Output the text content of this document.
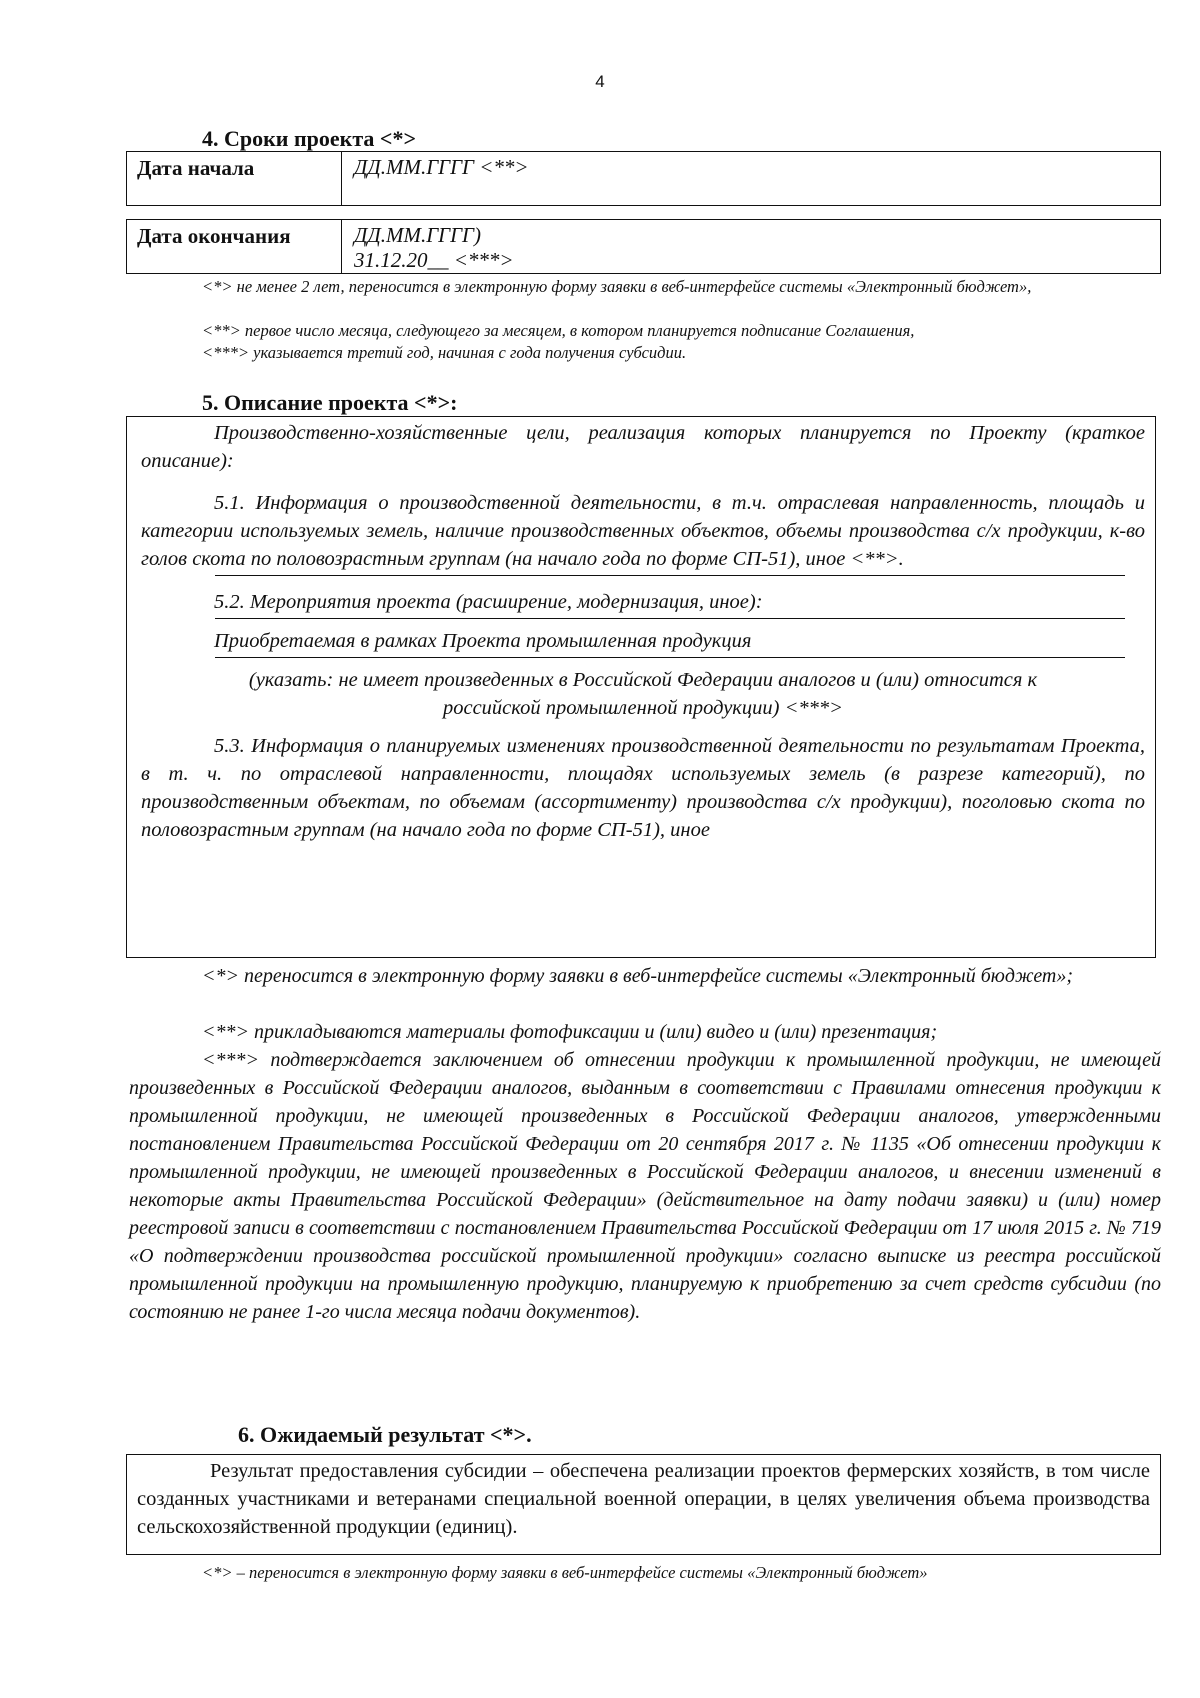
4
4. Сроки проекта <*>
Дата начала	ДД.ММ.ГГГГ <**>
Дата окончания	ДД.ММ.ГГГГ)
31.12.20__ <***>
<*> не менее 2 лет, переносится в электронную форму заявки в веб-интерфейсе системы «Электронный бюджет»,
<**> первое число месяца, следующего за месяцем, в котором планируется подписание Соглашения,
<***> указывается третий год, начиная с года получения субсидии.
5. Описание проекта <*>:
Производственно-хозяйственные цели, реализация которых планируется по Проекту (краткое описание):
5.1. Информация о производственной деятельности, в т.ч. отраслевая направленность, площадь и категории используемых земель, наличие производственных объектов, объемы производства с/х продукции, к-во голов скота по половозрастным группам (на начало года по форме СП-51), иное <**>.
5.2. Мероприятия проекта (расширение, модернизация, иное):
Приобретаемая в рамках Проекта промышленная продукция
(указать: не имеет произведенных в Российской Федерации аналогов и (или) относится к российской промышленной продукции) <***>
5.3. Информация о планируемых изменениях производственной деятельности по результатам Проекта, в т. ч. по отраслевой направленности, площадях используемых земель (в разрезе категорий), по производственным объектам, по объемам (ассортименту) производства с/х продукции), поголовью скота по половозрастным группам (на начало года по форме СП-51), иное
<*> переносится в электронную форму заявки в веб-интерфейсе системы «Электронный бюджет»;
<**> прикладываются материалы фотофиксации и (или) видео и (или) презентация;
<***> подтверждается заключением об отнесении продукции к промышленной продукции, не имеющей произведенных в Российской Федерации аналогов, выданным в соответствии с Правилами отнесения продукции к промышленной продукции, не имеющей произведенных в Российской Федерации аналогов, утвержденными постановлением Правительства Российской Федерации от 20 сентября 2017 г. № 1135 «Об отнесении продукции к промышленной продукции, не имеющей произведенных в Российской Федерации аналогов, и внесении изменений в некоторые акты Правительства Российской Федерации» (действительное на дату подачи заявки) и (или) номер реестровой записи в соответствии с постановлением Правительства Российской Федерации от 17 июля 2015 г. № 719 «О подтверждении производства российской промышленной продукции» согласно выписке из реестра российской промышленной продукции на промышленную продукцию, планируемую к приобретению за счет средств субсидии (по состоянию не ранее 1-го числа месяца подачи документов).
6. Ожидаемый результат <*>.
Результат предоставления субсидии – обеспечена реализации проектов фермерских хозяйств, в том числе созданных участниками и ветеранами специальной военной операции, в целях увеличения объема производства сельскохозяйственной продукции (единиц).
<*> – переносится в электронную форму заявки в веб-интерфейсе системы «Электронный бюджет»
